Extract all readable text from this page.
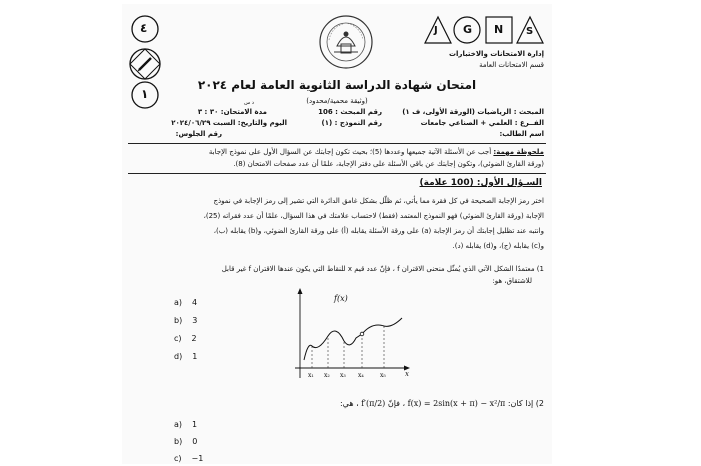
٤
١
J G N S
إدارة الامتحانات والاختبارات
قسم الامتحانات العامة
امتحان شهادة الدراسة الثانوية العامة لعام ٢٠٢٤
(وثيقة محمية/محدود)
المبحث : الرياضيات (الورقة الأولى، ف ١)
رقم المبحث : 106
مدة الامتحان: ٣٠ : ٣
د س
الفــرع : العلمي + الصناعي جامعات
رقم النموذج : (١)
اليوم والتاريخ: السبت ٢٠٢٤/٠٦/٢٩
اسم الطالب:
رقم الجلوس:
ملحوظة مهمة: أجب عن الأسئلة الآتية جميعها وعددها (5)؛ بحيث تكون إجابتك عن السؤال الأول على نموذج الإجابة
(ورقة القارئ الضوئي)، وتكون إجابتك عن باقي الأسئلة على دفتر الإجابة، علمًا أن عدد صفحات الامتحان (8).
السـؤال الأول: (100 علامة)
اختر رمز الإجابة الصحيحة في كل فقرة مما يأتي، ثم ظلّل بشكل غامق الدائرة التي تشير إلى رمز الإجابة في نموذج
الإجابة (ورقة القارئ الضوئي) فهو النموذج المعتمد (فقط) لاحتساب علامتك في هذا السؤال، علمًا أن عدد فقراته (25)،
وانتبه عند تظليل إجابتك أن رمز الإجابة (a) على ورقة الأسئلة يقابله (أ) على ورقة القارئ الضوئي، و(b) يقابله (ب)،
و(c) يقابله (ج)، و(d) يقابله (د).
1) معتمدًا الشكل الآتي الذي يُمثّل منحنى الاقتران f ، فإنّ عدد قيم x للنقاط التي يكون عندها الاقتران f غير قابل
للاشتقاق، هو:
a) 4
b) 3
c) 2
d) 1
f(x)
x
x₁ x₂ x₃ x₄	x₅
2) إذا كان: f(x) = 2sin(x + π) − x²/π ، فإنّ f′(π/2) ، هي:
a) 1
b) 0
c) −1
